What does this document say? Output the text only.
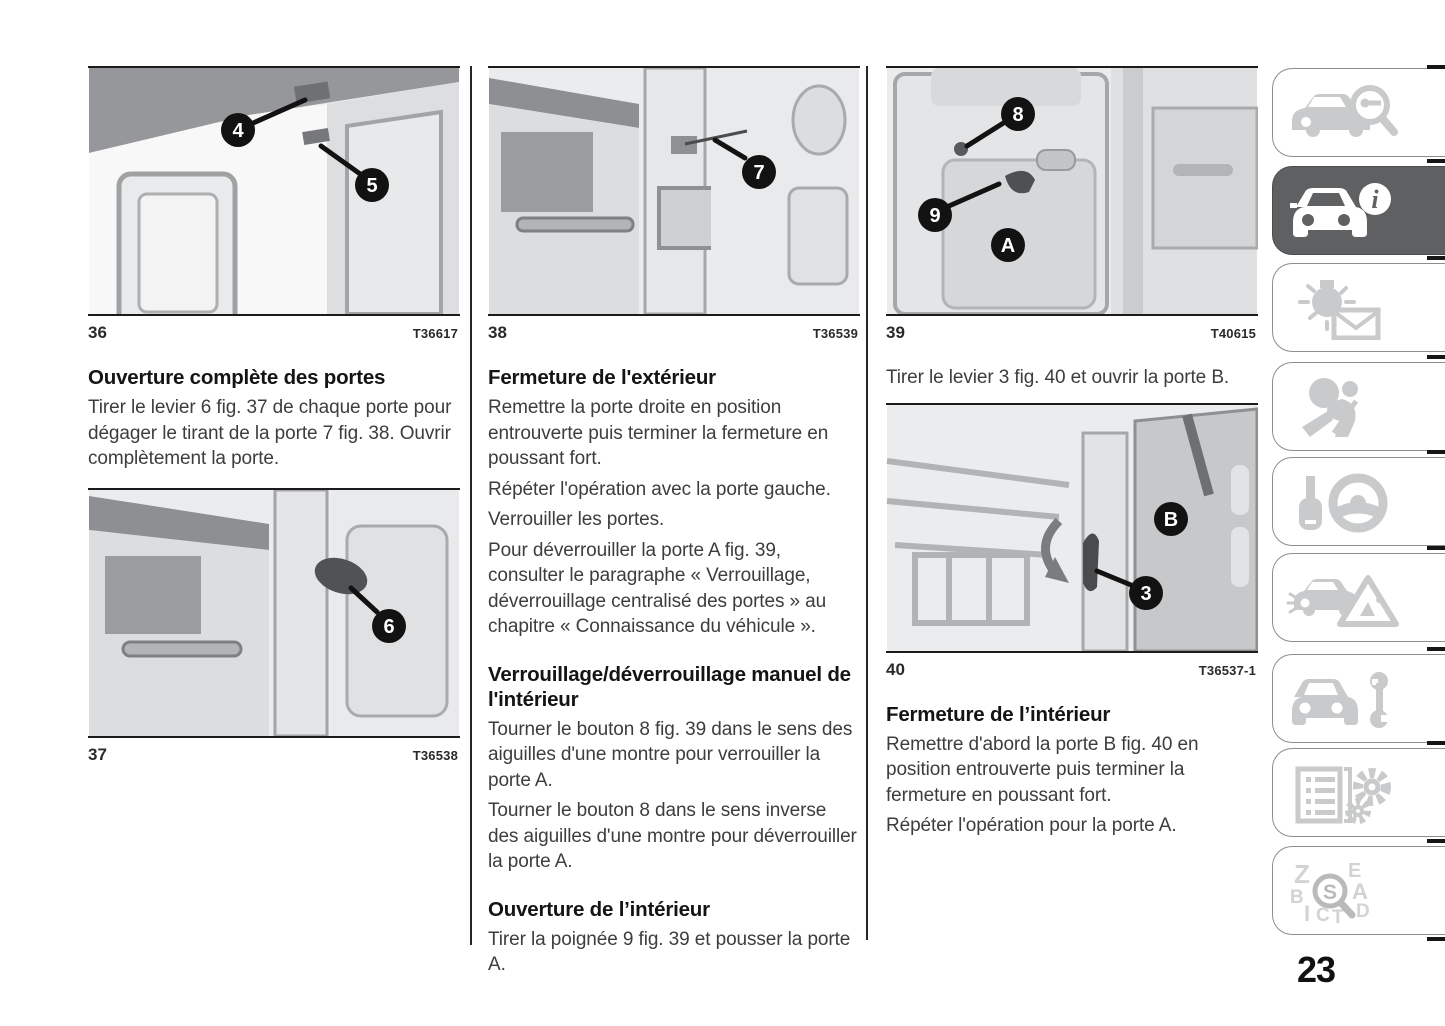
4
5
36	T36617
Ouverture complète des portes

Tirer le levier 6 fig. 37 de chaque porte pour dégager le tirant de la porte 7 fig. 38. Ouvrir complètement la porte.

6
37	T36538
7
38	T36539
Fermeture de l'extérieur

Remettre la porte droite en position entrouverte puis terminer la fermeture en poussant fort.

Répéter l'opération avec la porte gauche.

Verrouiller les portes.

Pour déverrouiller la porte A fig. 39, consulter le paragraphe « Verrouillage, déverrouillage centralisé des portes » au chapitre « Connaissance du véhicule ».

Verrouillage/déverrouillage manuel de l'intérieur

Tourner le bouton 8 fig. 39 dans le sens des aiguilles d'une montre pour verrouiller la porte A.

Tourner le bouton 8 dans le sens inverse des aiguilles d'une montre pour déverrouiller la porte A.

Ouverture de l’intérieur

Tirer la poignée 9 fig. 39 et pousser la porte A.

8
9
A
39	T40615

Tirer le levier 3 fig. 40 et ouvrir la porte B.

B
3
40	T36537-1
Fermeture de l’intérieur

Remettre d'abord la porte B fig. 40 en position entrouverte puis terminer la fermeture en poussant fort.

Répéter l'opération pour la porte A.

i
Z E
B A
I C T D
S
23
